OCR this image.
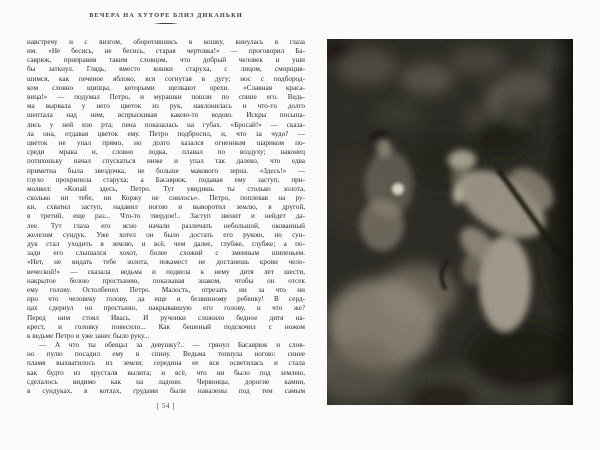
ВЕЧЕРА НА ХУТОРЕ БЛИЗ ДИКАНЬКИ
навстречу и с визгом, оборотившись в кошку, кинулась в глаза
им. «Не бесись, не бесись, старая чертовка!» — проговорил Ба-
саврюк, приправив таким словцом, что добрый человек и уши
бы заткнул. Глядь, вместо кошки старуха, с лицом, сморщив-
шимся, как печеное яблоко, вся согнутая в дугу; нос с подбород-
ком словно щипцы, которыми щелкают орехи. «Славная краса-
вица!» — подумал Петро, и мурашки пошли по спине его. Ведь-
ма вырвала у него цветок из рук, наклонилась и что-то долго
шептала над ним, вспрыскивая какою-то водою. Искры посыпа-
лись у ней изо рта; пена показалась на губах. «Бросай!» — сказа-
ла она, отдавая цветок ему. Петро подбросил, и, что за чудо? —
цветок не упал прямо, но долго казался огненным шариком по-
среди мрака и, словно лодка, плавал по воздуху; наконец
потихоньку начал спускаться ниже и упал так далеко, что едва
приметна была звездочка, не больше макового зерна. «Здесь!» —
глухо прохрипела старуха; а Басаврюк, подавая ему заступ, при-
молвил: «Копай здесь, Петро. Тут увидишь ты столько золота,
сколько ни тебе, ни Коржу не снилось». Петро, поплевав на ру-
ки, схватил заступ, надавил ногою и выворотил землю, в другой,
в третий, еще раз... Что-то твердое!.. Заступ звенит и нейдет да-
лее. Тут глаза его ясно начали различать небольшой, окованный
железом сундук. Уже хотел он было достать его рукою, но сун-
дук стал уходить в землю, и всё, чем далее, глубже, глубже; а по-
зади его слышался хохот, более схожий с змеиным шипеньем.
«Нет, не видать тебе золота, покамест не достанешь крови чело-
веческой!» — сказала ведьма и подвела к нему дитя лет шести,
накрытое белою простынею, показывая знаком, чтобы он отсек
ему голову. Остолбенел Петро. Малость, отрезать ни за что ни
про что человеку голову, да еще и безвинному ребенку! В серд-
цах сдернул он простыню, накрывавшую его голову, и что же?
Перед ним стоял Ивась. И ручонки сложило бедное дитя на-
крест, и головку повесило... Как бешеный подскочил с ножом
к ведьме Петро и уже занес было руку...
— А что ты обещал за девушку?.. — грянул Басаврюк и слов-
но пулю посадил ему в спину. Ведьма топнула ногою: синее
пламя выхватилось из земли; середина ее вся осветилась и стала
как будто из хрусталя вылита; и всё, что ни было под землею,
сделалось видимо как на ладони. Червонцы, дорогие камни,
в сундуках, в котлах, грудами были навалены под тем самым
[ 54 ]
